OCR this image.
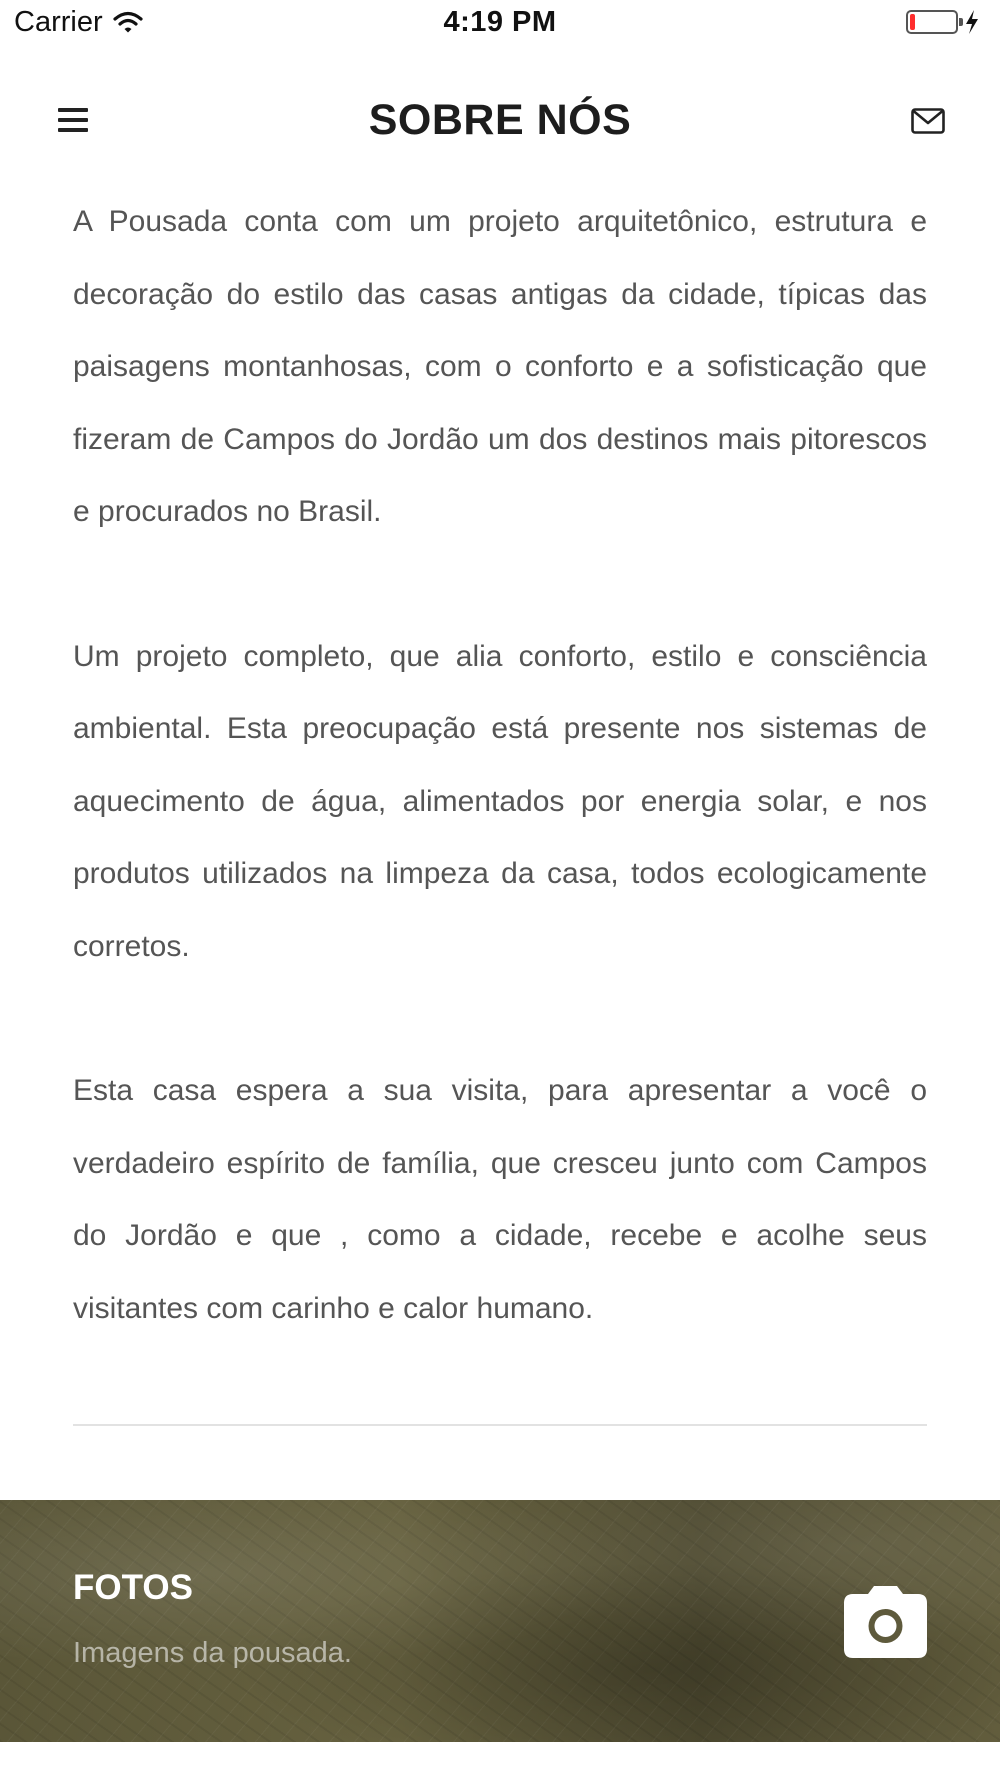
Carrier	4:19 PM
SOBRE NÓS

A Pousada conta com um projeto arquitetônico, estrutura e decoração do estilo das casas antigas da cidade, típicas das paisagens montanhosas, com o conforto e a sofisticação que fizeram de Campos do Jordão um dos destinos mais pitorescos e procurados no Brasil.

Um projeto completo, que alia conforto, estilo e consciência ambiental. Esta preocupação está presente nos sistemas de aquecimento de água, alimentados por energia solar, e nos produtos utilizados na limpeza da casa, todos ecologicamente corretos.

Esta casa espera a sua visita, para apresentar a você o verdadeiro espírito de família, que cresceu junto com Campos do Jordão e que , como a cidade, recebe e acolhe seus visitantes com carinho e calor humano.

FOTOS
Imagens da pousada.
